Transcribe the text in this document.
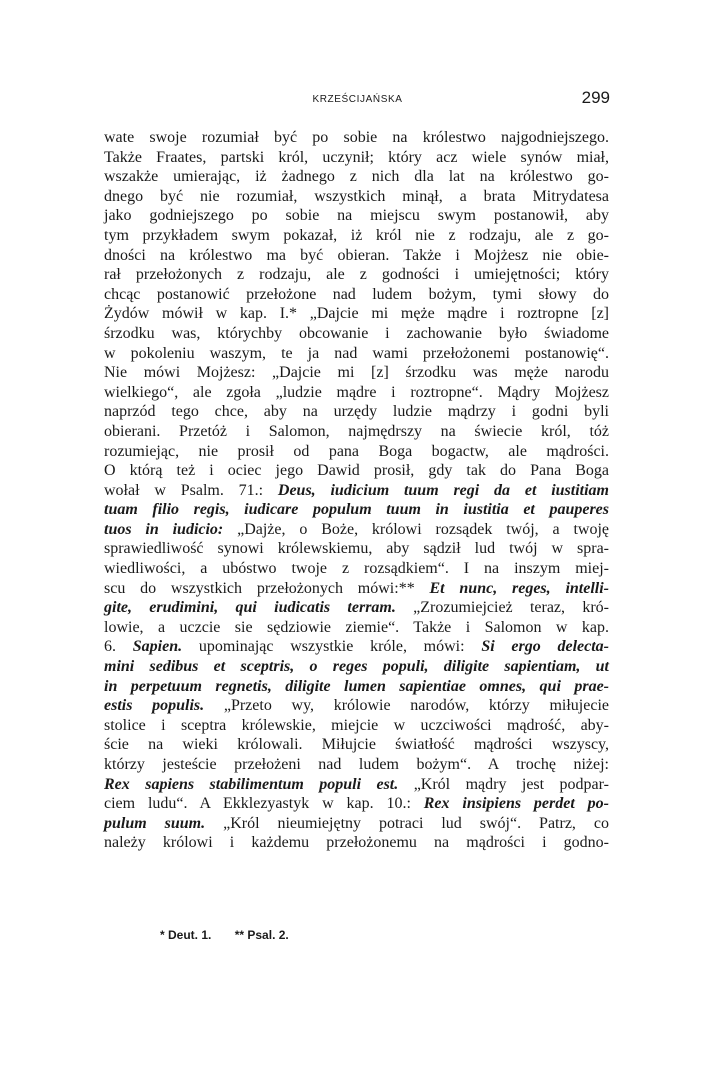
KRZEŚCIJAŃSKA	299
wate swoje rozumiał być po sobie na królestwo najgodniejszego.
Także Fraates, partski król, uczynił; który acz wiele synów miał,
wszakże umierając, iż żadnego z nich dla lat na królestwo go-
dnego być nie rozumiał, wszystkich minął, a brata Mitrydatesa
jako godniejszego po sobie na miejscu swym postanowił, aby
tym przykładem swym pokazał, iż król nie z rodzaju, ale z go-
dności na królestwo ma być obieran. Także i Mojżesz nie obie-
rał przełożonych z rodzaju, ale z godności i umiejętności; który
chcąc postanowić przełożone nad ludem bożym, tymi słowy do
Żydów mówił w kap. I.* „Dajcie mi męże mądre i roztropne [z]
śrzodku was, którychby obcowanie i zachowanie było świadome
w pokoleniu waszym, te ja nad wami przełożonemi postanowię“.
Nie mówi Mojżesz: „Dajcie mi [z] śrzodku was męże narodu
wielkiego“, ale zgoła „ludzie mądre i roztropne“. Mądry Mojżesz
naprzód tego chce, aby na urzędy ludzie mądrzy i godni byli
obierani. Przetóż i Salomon, najmędrszy na świecie król, tóż
rozumiejąc, nie prosił od pana Boga bogactw, ale mądrości.
O którą też i ociec jego Dawid prosił, gdy tak do Pana Boga
wołał w Psalm. 71.: Deus, iudicium tuum regi da et iustitiam
tuam filio regis, iudicare populum tuum in iustitia et pauperes
tuos in iudicio: „Dajże, o Boże, królowi rozsądek twój, a twoję
sprawiedliwość synowi królewskiemu, aby sądził lud twój w spra-
wiedliwości, a ubóstwo twoje z rozsądkiem“. I na inszym miej-
scu do wszystkich przełożonych mówi:** Et nunc, reges, intelli-
gite, erudimini, qui iudicatis terram. „Zrozumiejcież teraz, kró-
lowie, a uczcie sie sędziowie ziemie“. Także i Salomon w kap.
6. Sapien. upominając wszystkie króle, mówi: Si ergo delecta-
mini sedibus et sceptris, o reges populi, diligite sapientiam, ut
in perpetuum regnetis, diligite lumen sapientiae omnes, qui prae-
estis populis. „Przeto wy, królowie narodów, którzy miłujecie
stolice i sceptra królewskie, miejcie w uczciwości mądrość, aby-
ście na wieki królowali. Miłujcie światłość mądrości wszyscy,
którzy jesteście przełożeni nad ludem bożym“. A trochę niżej:
Rex sapiens stabilimentum populi est. „Król mądry jest podpar-
ciem ludu“. A Ekklezyastyk w kap. 10.: Rex insipiens perdet po-
pulum suum. „Król nieumiejętny potraci lud swój“. Patrz, co
należy królowi i każdemu przełożonemu na mądrości i godno-
* Deut. 1. ** Psal. 2.
